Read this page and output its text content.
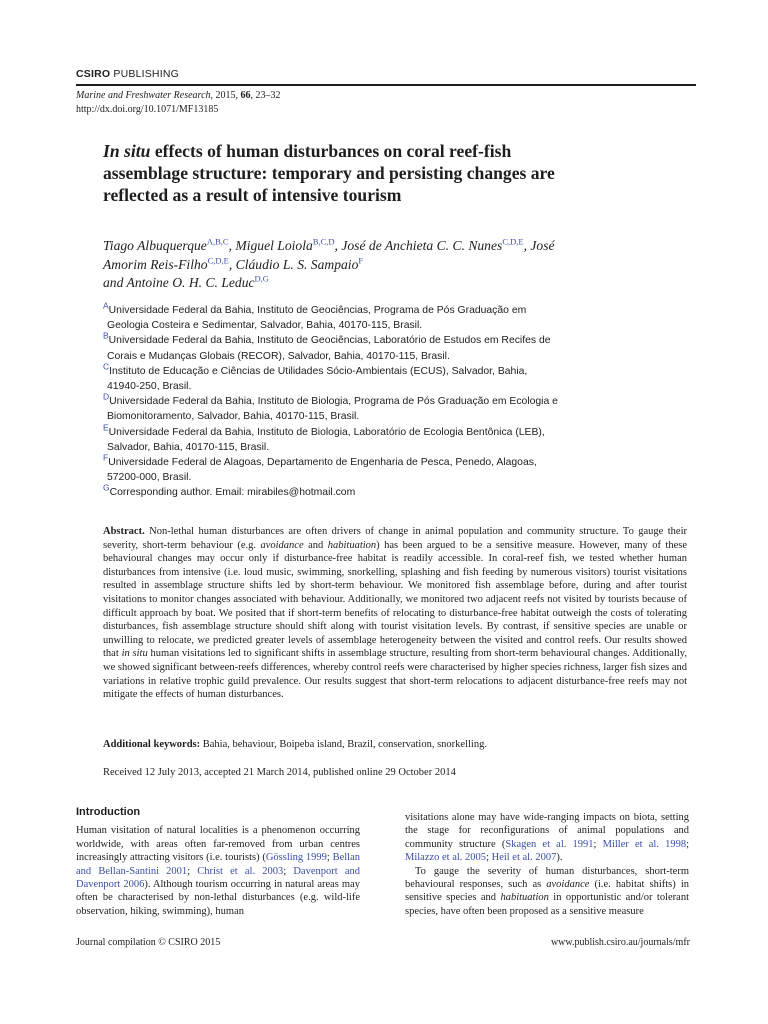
CSIRO PUBLISHING
Marine and Freshwater Research, 2015, 66, 23–32
http://dx.doi.org/10.1071/MF13185
In situ effects of human disturbances on coral reef-fish assemblage structure: temporary and persisting changes are reflected as a result of intensive tourism
Tiago Albuquerque$^{A,B,C}$, Miguel Loiola$^{B,C,D}$, José de Anchieta C. C. Nunes$^{C,D,E}$, José Amorim Reis-Filho$^{C,D,E}$, Cláudio L. S. Sampaio$^F$
and Antoine O. H. C. Leduc$^{D,G}$
$^A$Universidade Federal da Bahia, Instituto de Geociências, Programa de Pós Graduação em
Geologia Costeira e Sedimentar, Salvador, Bahia, 40170-115, Brasil.
$^B$Universidade Federal da Bahia, Instituto de Geociências, Laboratório de Estudos em Recifes de
Corais e Mudanças Globais (RECOR), Salvador, Bahia, 40170-115, Brasil.
$^C$Instituto de Educação e Ciências de Utilidades Sócio-Ambientais (ECUS), Salvador, Bahia,
41940-250, Brasil.
$^D$Universidade Federal da Bahia, Instituto de Biologia, Programa de Pós Graduação em Ecologia e
Biomonitoramento, Salvador, Bahia, 40170-115, Brasil.
$^E$Universidade Federal da Bahia, Instituto de Biologia, Laboratório de Ecologia Bentônica (LEB),
Salvador, Bahia, 40170-115, Brasil.
$^F$Universidade Federal de Alagoas, Departamento de Engenharia de Pesca, Penedo, Alagoas,
57200-000, Brasil.
$^G$Corresponding author. Email: mirabiles@hotmail.com
Abstract. Non-lethal human disturbances are often drivers of change in animal population and community structure. To gauge their severity, short-term behaviour (e.g. avoidance and habituation) has been argued to be a sensitive measure. However, many of these behavioural changes may occur only if disturbance-free habitat is readily accessible. In coral-reef fish, we tested whether human disturbances from intensive (i.e. loud music, swimming, snorkelling, splashing and fish feeding by numerous visitors) tourist visitations resulted in assemblage structure shifts led by short-term behaviour. We monitored fish assemblage before, during and after tourist visitations to monitor changes associated with behaviour. Additionally, we monitored two adjacent reefs not visited by tourists because of difficult approach by boat. We posited that if short-term benefits of relocating to disturbance-free habitat outweigh the costs of tolerating disturbances, fish assemblage structure should shift along with tourist visitation levels. By contrast, if sensitive species are unable or unwilling to relocate, we predicted greater levels of assemblage heterogeneity between the visited and control reefs. Our results showed that in situ human visitations led to significant shifts in assemblage structure, resulting from short-term behavioural changes. Additionally, we showed significant between-reefs differences, whereby control reefs were characterised by higher species richness, larger fish sizes and variations in relative trophic guild prevalence. Our results suggest that short-term relocations to adjacent disturbance-free reefs may not mitigate the effects of human disturbances.
Additional keywords: Bahia, behaviour, Boipeba island, Brazil, conservation, snorkelling.
Received 12 July 2013, accepted 21 March 2014, published online 29 October 2014
Introduction
Human visitation of natural localities is a phenomenon occurring worldwide, with areas often far-removed from urban centres increasingly attracting visitors (i.e. tourists) (Gössling 1999; Bellan and Bellan-Santini 2001; Christ et al. 2003; Davenport and Davenport 2006). Although tourism occurring in natural areas may often be characterised by non-lethal disturbances (e.g. wild-life observation, hiking, swimming), human
visitations alone may have wide-ranging impacts on biota, setting the stage for reconfigurations of animal populations and community structure (Skagen et al. 1991; Miller et al. 1998; Milazzo et al. 2005; Heil et al. 2007).
To gauge the severity of human disturbances, short-term behavioural responses, such as avoidance (i.e. habitat shifts) in sensitive species and habituation in opportunistic and/or tolerant species, have often been proposed as a sensitive measure
Journal compilation © CSIRO 2015	www.publish.csiro.au/journals/mfr
